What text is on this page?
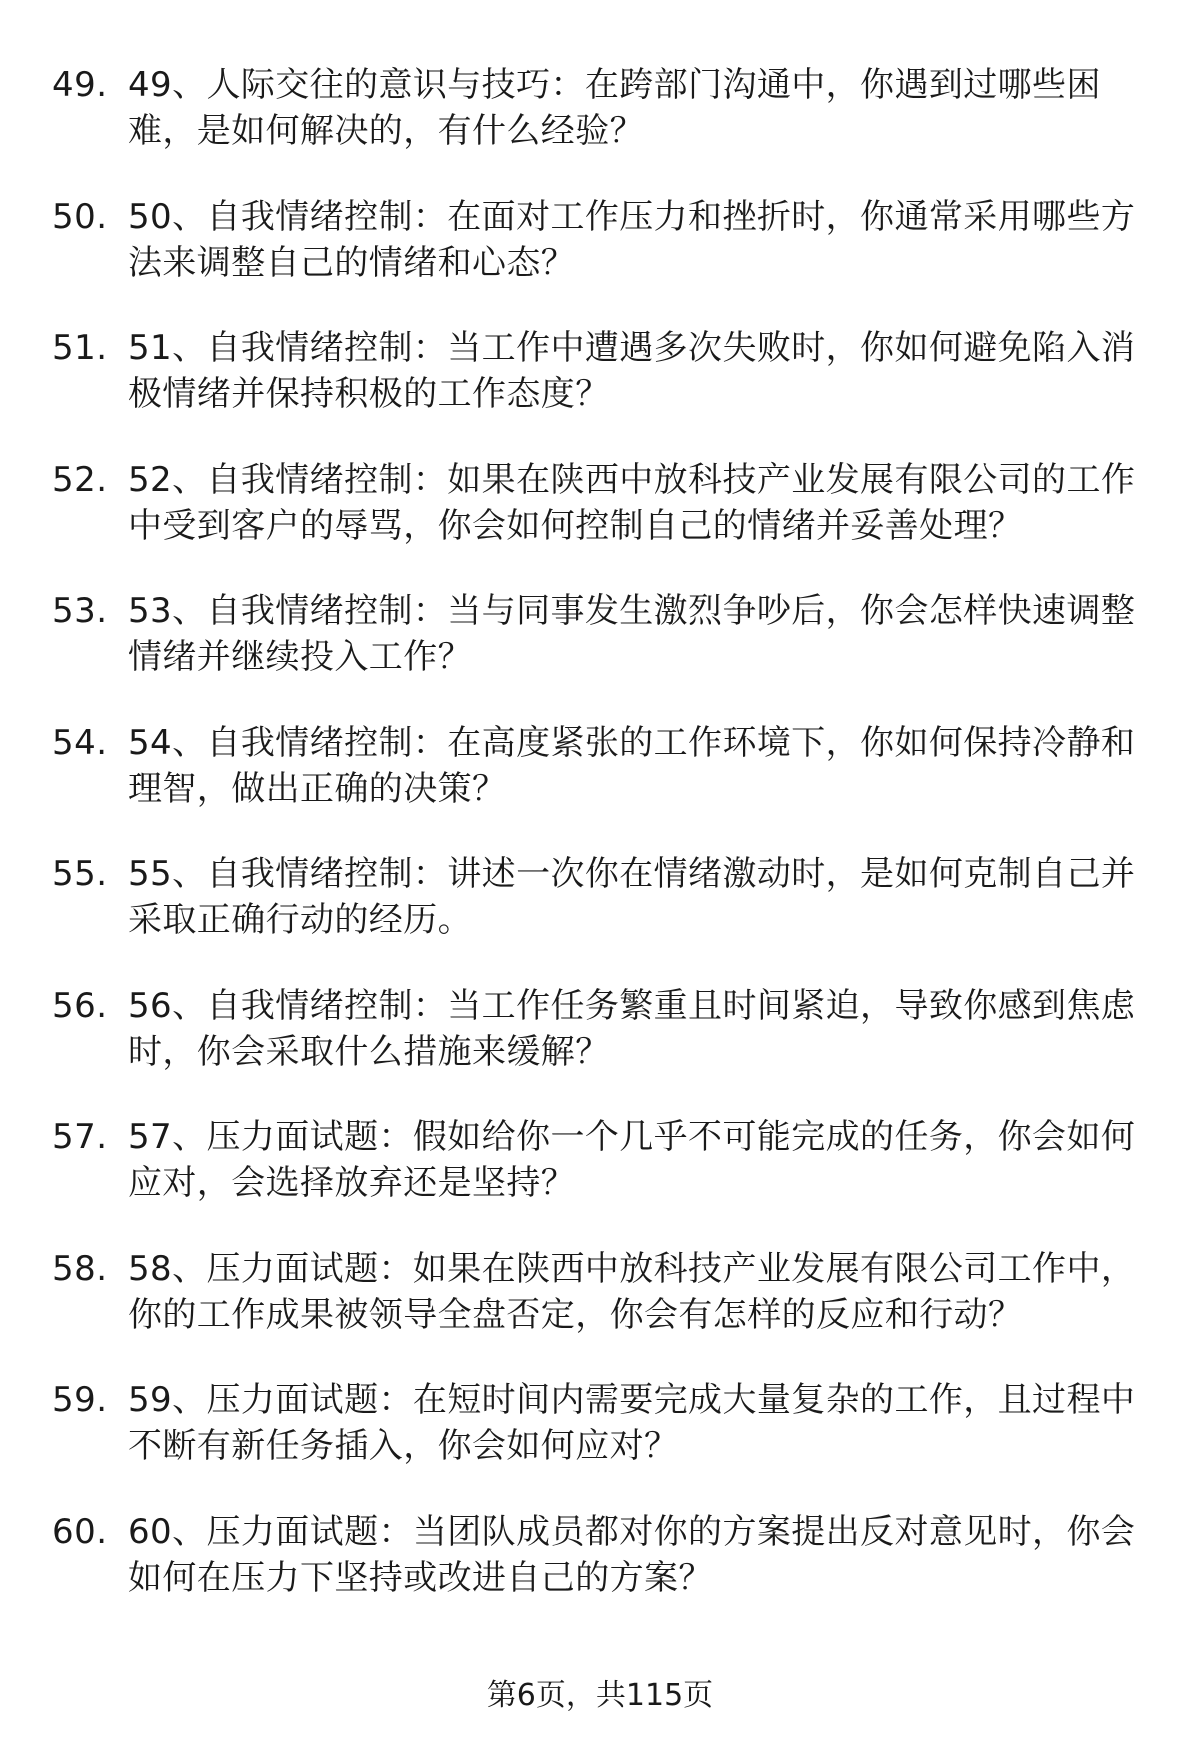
49. 49、人际交往的意识与技巧：在跨部门沟通中，你遇到过哪些困难，是如何解决的，有什么经验？
50. 50、自我情绪控制：在面对工作压力和挫折时，你通常采用哪些方法来调整自己的情绪和心态？
51. 51、自我情绪控制：当工作中遭遇多次失败时，你如何避免陷入消极情绪并保持积极的工作态度？
52. 52、自我情绪控制：如果在陕西中放科技产业发展有限公司的工作中受到客户的辱骂，你会如何控制自己的情绪并妥善处理？
53. 53、自我情绪控制：当与同事发生激烈争吵后，你会怎样快速调整情绪并继续投入工作？
54. 54、自我情绪控制：在高度紧张的工作环境下，你如何保持冷静和理智，做出正确的决策？
55. 55、自我情绪控制：讲述一次你在情绪激动时，是如何克制自己并采取正确行动的经历。
56. 56、自我情绪控制：当工作任务繁重且时间紧迫，导致你感到焦虑时，你会采取什么措施来缓解？
57. 57、压力面试题：假如给你一个几乎不可能完成的任务，你会如何应对，会选择放弃还是坚持？
58. 58、压力面试题：如果在陕西中放科技产业发展有限公司工作中，你的工作成果被领导全盘否定，你会有怎样的反应和行动？
59. 59、压力面试题：在短时间内需要完成大量复杂的工作，且过程中不断有新任务插入，你会如何应对？
60. 60、压力面试题：当团队成员都对你的方案提出反对意见时，你会如何在压力下坚持或改进自己的方案？
第6页，共115页
